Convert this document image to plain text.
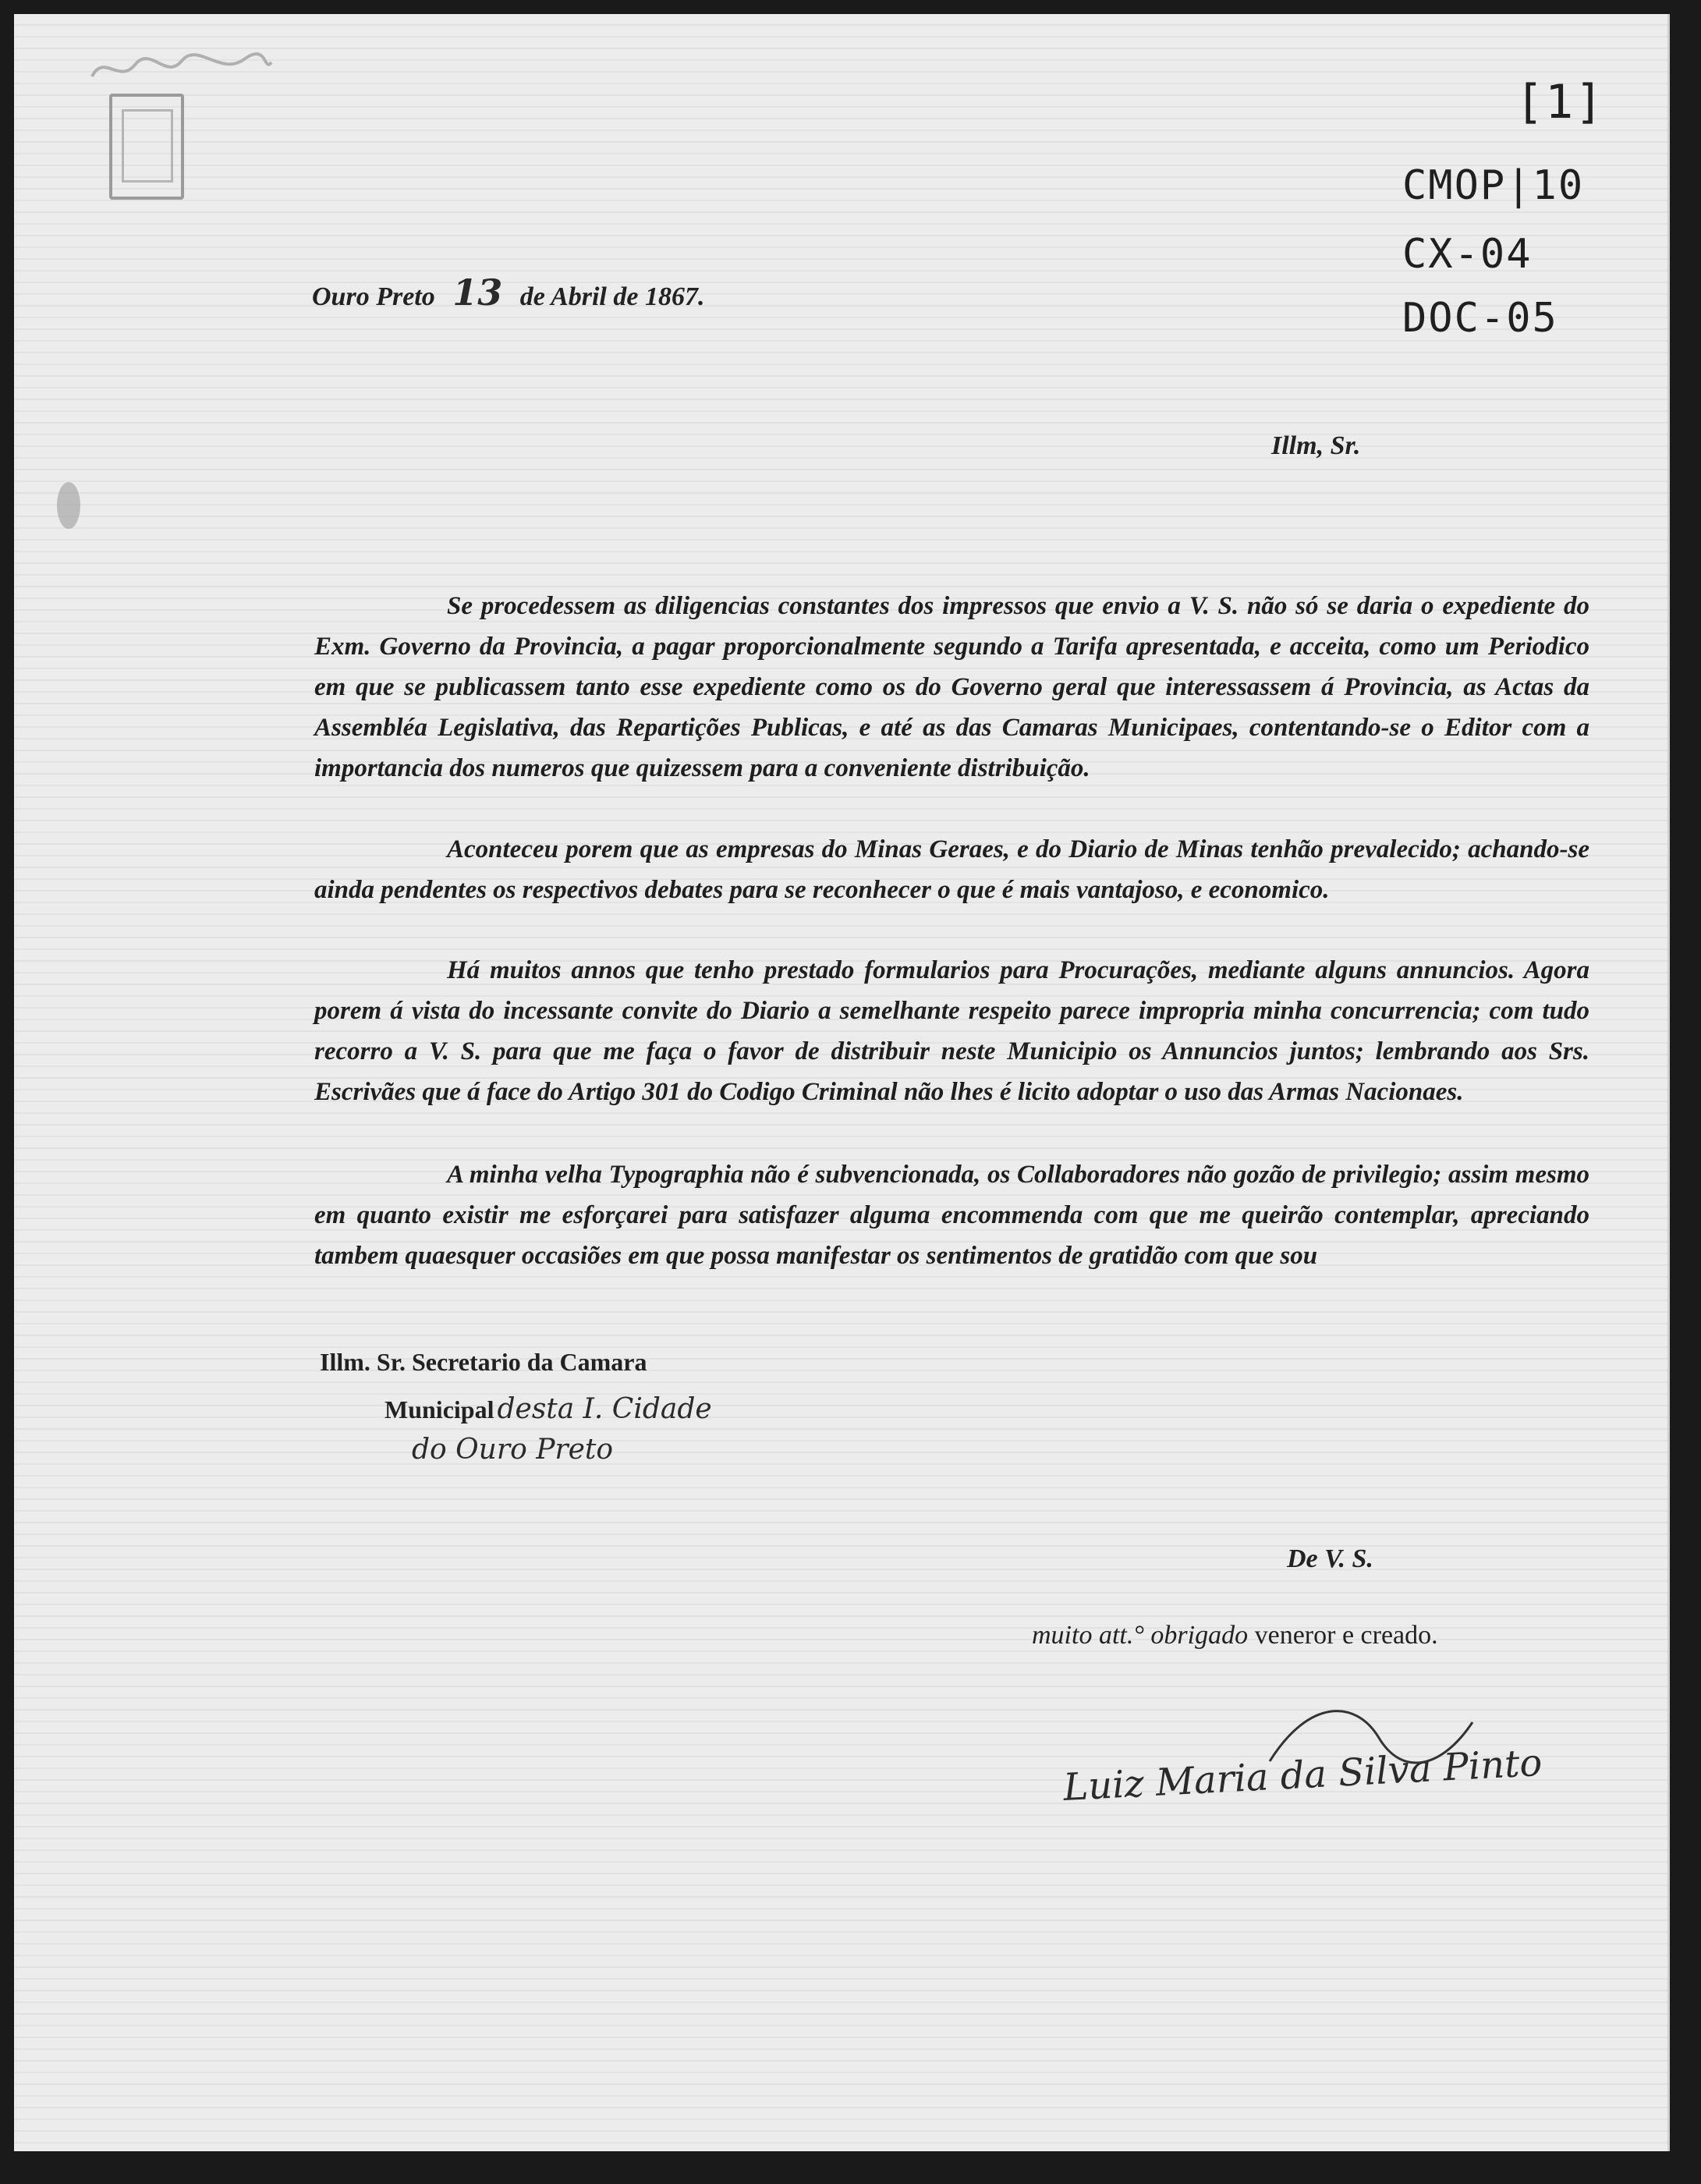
[1]
CMOP|10
CX-04
DOC-05
Ouro Preto 13 de Abril de 1867.
Illm, Sr.

Se procedessem as diligencias constantes dos impressos que envio a V. S. não só se daria o expediente do Exm. Governo da Provincia, a pagar proporcionalmente segundo a Tarifa apresentada, e acceita, como um Periodico em que se publicassem tanto esse expediente como os do Governo geral que interessassem á Provincia, as Actas da Assembléa Legislativa, das Repartições Publicas, e até as das Camaras Municipaes, contentando-se o Editor com a importancia dos numeros que quizessem para a conveniente distribuição.

Aconteceu porem que as empresas do Minas Geraes, e do Diario de Minas tenhão prevalecido; achando-se ainda pendentes os respectivos debates para se reconhecer o que é mais vantajoso, e economico.

Há muitos annos que tenho prestado formularios para Procurações, mediante alguns annuncios. Agora porem á vista do incessante convite do Diario a semelhante respeito parece impropria minha concurrencia; com tudo recorro a V. S. para que me faça o favor de distribuir neste Municipio os Annuncios juntos; lembrando aos Srs. Escrivães que á face do Artigo 301 do Codigo Criminal não lhes é licito adoptar o uso das Armas Nacionaes.

A minha velha Typographia não é subvencionada, os Collaboradores não gozão de privilegio; assim mesmo em quanto existir me esforçarei para satisfazer alguma encommenda com que me queirão contemplar, apreciando tambem quaesquer occasiões em que possa manifestar os sentimentos de gratidão com que sou

Illm. Sr. Secretario da Camara
Municipal desta I. Cidade
do Ouro Preto
De V. S.
muito att.° obrigado veneror e creado.
Luiz Maria da Silva Pinto
